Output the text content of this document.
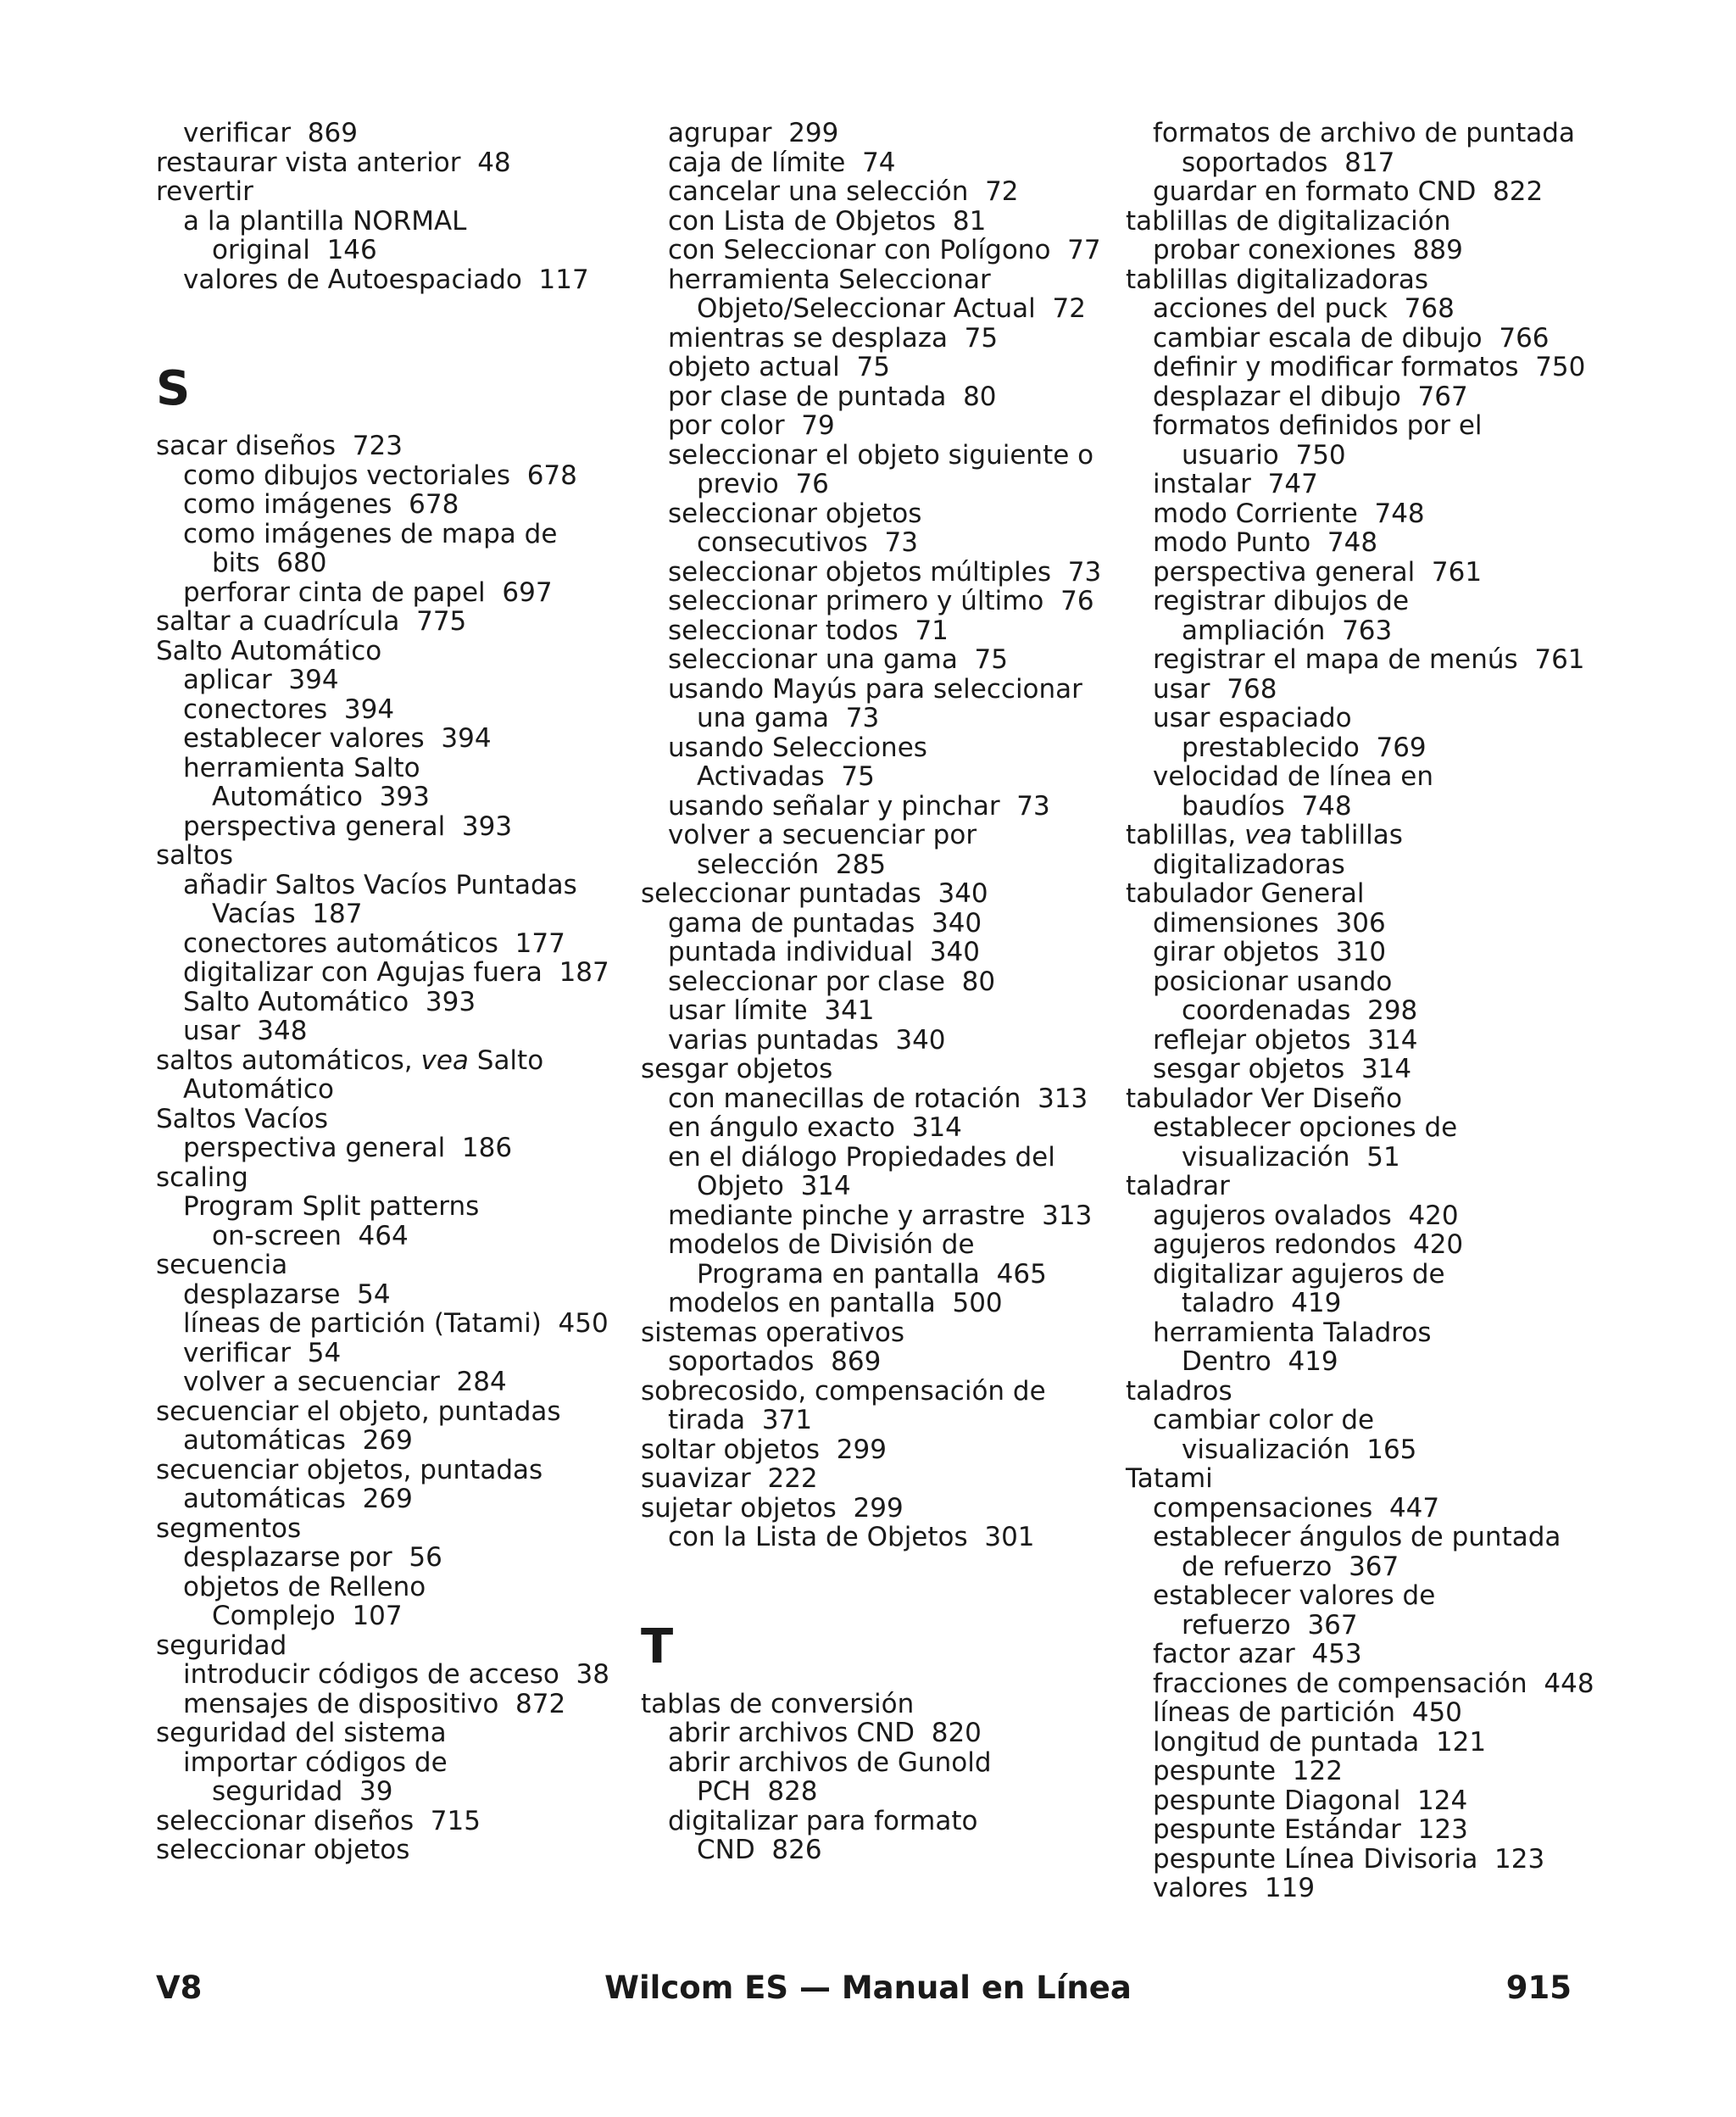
verificar  869
restaurar vista anterior  48
revertir
a la plantilla NORMAL
original  146
valores de Autoespaciado  117
S
sacar diseños  723
como dibujos vectoriales  678
como imágenes  678
como imágenes de mapa de
bits  680
perforar cinta de papel  697
saltar a cuadrícula  775
Salto Automático
aplicar  394
conectores  394
establecer valores  394
herramienta Salto
Automático  393
perspectiva general  393
saltos
añadir Saltos Vacíos Puntadas
Vacías  187
conectores automáticos  177
digitalizar con Agujas fuera  187
Salto Automático  393
usar  348
saltos automáticos, vea Salto
Automático
Saltos Vacíos
perspectiva general  186
scaling
Program Split patterns
on-screen  464
secuencia
desplazarse  54
líneas de partición (Tatami)  450
verificar  54
volver a secuenciar  284
secuenciar el objeto, puntadas
automáticas  269
secuenciar objetos, puntadas
automáticas  269
segmentos
desplazarse por  56
objetos de Relleno
Complejo  107
seguridad
introducir códigos de acceso  38
mensajes de dispositivo  872
seguridad del sistema
importar códigos de
seguridad  39
seleccionar diseños  715
seleccionar objetos
agrupar  299
caja de límite  74
cancelar una selección  72
con Lista de Objetos  81
con Seleccionar con Polígono  77
herramienta Seleccionar
Objeto/Seleccionar Actual  72
mientras se desplaza  75
objeto actual  75
por clase de puntada  80
por color  79
seleccionar el objeto siguiente o
previo  76
seleccionar objetos
consecutivos  73
seleccionar objetos múltiples  73
seleccionar primero y último  76
seleccionar todos  71
seleccionar una gama  75
usando Mayús para seleccionar
una gama  73
usando Selecciones
Activadas  75
usando señalar y pinchar  73
volver a secuenciar por
selección  285
seleccionar puntadas  340
gama de puntadas  340
puntada individual  340
seleccionar por clase  80
usar límite  341
varias puntadas  340
sesgar objetos
con manecillas de rotación  313
en ángulo exacto  314
en el diálogo Propiedades del
Objeto  314
mediante pinche y arrastre  313
modelos de División de
Programa en pantalla  465
modelos en pantalla  500
sistemas operativos
soportados  869
sobrecosido, compensación de
tirada  371
soltar objetos  299
suavizar  222
sujetar objetos  299
con la Lista de Objetos  301
T
tablas de conversión
abrir archivos CND  820
abrir archivos de Gunold
PCH  828
digitalizar para formato
CND  826
formatos de archivo de puntada
soportados  817
guardar en formato CND  822
tablillas de digitalización
probar conexiones  889
tablillas digitalizadoras
acciones del puck  768
cambiar escala de dibujo  766
definir y modificar formatos  750
desplazar el dibujo  767
formatos definidos por el
usuario  750
instalar  747
modo Corriente  748
modo Punto  748
perspectiva general  761
registrar dibujos de
ampliación  763
registrar el mapa de menús  761
usar  768
usar espaciado
prestablecido  769
velocidad de línea en
baudíos  748
tablillas, vea tablillas
digitalizadoras
tabulador General
dimensiones  306
girar objetos  310
posicionar usando
coordenadas  298
reflejar objetos  314
sesgar objetos  314
tabulador Ver Diseño
establecer opciones de
visualización  51
taladrar
agujeros ovalados  420
agujeros redondos  420
digitalizar agujeros de
taladro  419
herramienta Taladros
Dentro  419
taladros
cambiar color de
visualización  165
Tatami
compensaciones  447
establecer ángulos de puntada
de refuerzo  367
establecer valores de
refuerzo  367
factor azar  453
fracciones de compensación  448
líneas de partición  450
longitud de puntada  121
pespunte  122
pespunte Diagonal  124
pespunte Estándar  123
pespunte Línea Divisoria  123
valores  119
V8	Wilcom ES — Manual en Línea	915
